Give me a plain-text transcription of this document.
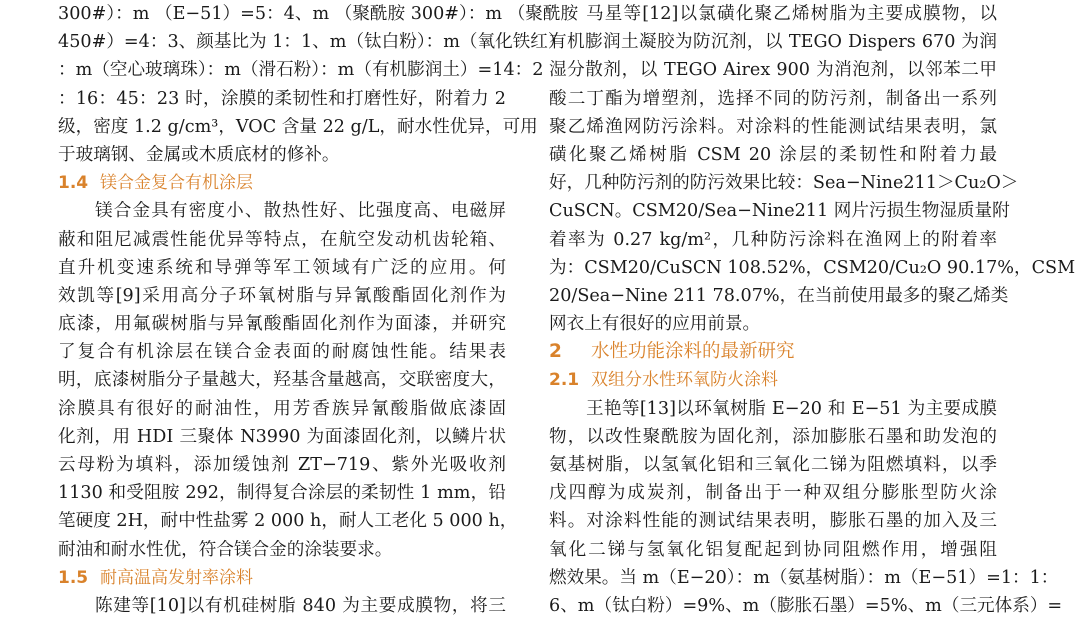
300#）：m （E−51）=5：4、m （聚酰胺 300#）：m （聚酰胺
450#）=4：3、颜基比为 1：1、m（钛白粉）：m（氧化铁红）
：m（空心玻璃珠）：m（滑石粉）：m（有机膨润土）=14：2
：16：45：23 时，涂膜的柔韧性和打磨性好，附着力 2
级，密度 1.2 g/cm³，VOC 含量 22 g/L，耐水性优异，可用
于玻璃钢、金属或木质底材的修补。
1.4 镁合金复合有机涂层
镁合金具有密度小、散热性好、比强度高、电磁屏
蔽和阻尼减震性能优异等特点，在航空发动机齿轮箱、
直升机变速系统和导弹等军工领域有广泛的应用。何
效凯等[9]采用高分子环氧树脂与异氰酸酯固化剂作为
底漆，用氟碳树脂与异氰酸酯固化剂作为面漆，并研究
了复合有机涂层在镁合金表面的耐腐蚀性能。结果表
明，底漆树脂分子量越大，羟基含量越高，交联密度大，
涂膜具有很好的耐油性，用芳香族异氰酸脂做底漆固
化剂，用 HDI 三聚体 N3990 为面漆固化剂，以鳞片状
云母粉为填料，添加缓蚀剂 ZT−719、紫外光吸收剂
1130 和受阻胺 292，制得复合涂层的柔韧性 1 mm，铅
笔硬度 2H，耐中性盐雾 2 000 h，耐人工老化 5 000 h，
耐油和耐水性优，符合镁合金的涂装要求。
1.5 耐高温高发射率涂料
陈建等[10]以有机硅树脂 840 为主要成膜物，将三
马星等[12]以氯磺化聚乙烯树脂为主要成膜物，以
有机膨润土凝胶为防沉剂，以 TEGO Dispers 670 为润
湿分散剂，以 TEGO Airex 900 为消泡剂，以邻苯二甲
酸二丁酯为增塑剂，选择不同的防污剂，制备出一系列
聚乙烯渔网防污涂料。对涂料的性能测试结果表明，氯
磺化聚乙烯树脂 CSM 20 涂层的柔韧性和附着力最
好，几种防污剂的防污效果比较：Sea−Nine211＞Cu₂O＞
CuSCN。CSM20/Sea−Nine211 网片污损生物湿质量附
着率为 0.27 kg/m²，几种防污涂料在渔网上的附着率
为：CSM20/CuSCN 108.52%，CSM20/Cu₂O 90.17%，CSM
20/Sea−Nine 211 78.07%，在当前使用最多的聚乙烯类
网衣上有很好的应用前景。
2 水性功能涂料的最新研究
2.1 双组分水性环氧防火涂料
王艳等[13]以环氧树脂 E−20 和 E−51 为主要成膜
物，以改性聚酰胺为固化剂，添加膨胀石墨和助发泡的
氨基树脂，以氢氧化铝和三氧化二锑为阻燃填料，以季
戊四醇为成炭剂，制备出于一种双组分膨胀型防火涂
料。对涂料性能的测试结果表明，膨胀石墨的加入及三
氧化二锑与氢氧化铝复配起到协同阻燃作用，增强阻
燃效果。当 m（E−20）：m（氨基树脂）：m（E−51）=1：1：
6、m（钛白粉）=9%、m（膨胀石墨）=5%、m（三元体系）=
